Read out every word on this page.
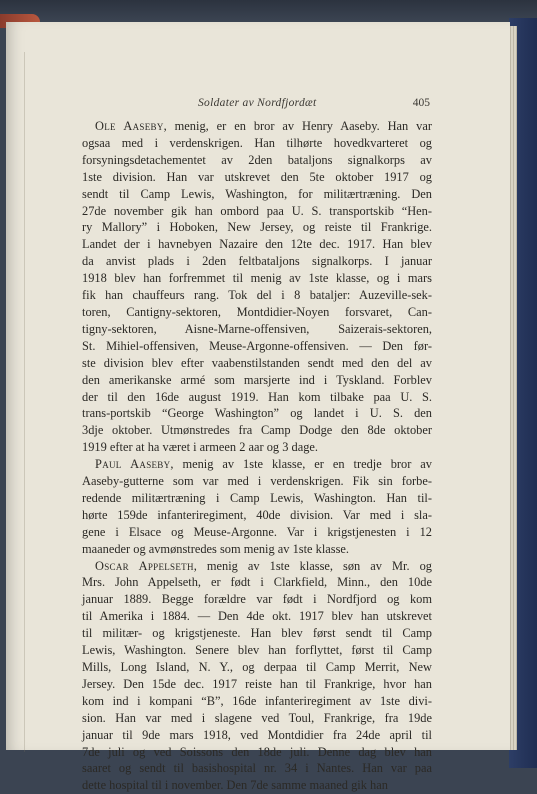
Soldater av Nordfjordæt	405
Ole Aaseby, menig, er en bror av Henry Aaseby. Han var
ogsaa med i verdenskrigen. Han tilhørte hovedkvarteret og
forsyningsdetachementet av 2den bataljons signalkorps av
1ste division. Han var utskrevet den 5te oktober 1917 og
sendt til Camp Lewis, Washington, for militærtræning. Den
27de november gik han ombord paa U. S. transportskib “Hen-
ry Mallory” i Hoboken, New Jersey, og reiste til Frankrige.
Landet der i havnebyen Nazaire den 12te dec. 1917. Han blev
da anvist plads i 2den feltbataljons signalkorps. I januar
1918 blev han forfremmet til menig av 1ste klasse, og i mars
fik han chauffeurs rang. Tok del i 8 bataljer: Auzeville-sek-
toren, Cantigny-sektoren, Montdidier-Noyen forsvaret, Can-
tigny-sektoren, Aisne-Marne-offensiven, Saizerais-sektoren,
St. Mihiel-offensiven, Meuse-Argonne-offensiven. — Den før-
ste division blev efter vaabenstilstanden sendt med den del av
den amerikanske armé som marsjerte ind i Tyskland. Forblev
der til den 16de august 1919. Han kom tilbake paa U. S.
trans-portskib “George Washington” og landet i U. S. den
3dje oktober. Utmønstredes fra Camp Dodge den 8de oktober
1919 efter at ha været i armeen 2 aar og 3 dage.
Paul Aaseby, menig av 1ste klasse, er en tredje bror av
Aaseby-gutterne som var med i verdenskrigen. Fik sin forbe-
redende militærtræning i Camp Lewis, Washington. Han til-
hørte 159de infanteriregiment, 40de division. Var med i sla-
gene i Elsace og Meuse-Argonne. Var i krigstjenesten i 12
maaneder og avmønstredes som menig av 1ste klasse.
Oscar Appelseth, menig av 1ste klasse, søn av Mr. og
Mrs. John Appelseth, er født i Clarkfield, Minn., den 10de
januar 1889. Begge forældre var født i Nordfjord og kom
til Amerika i 1884. — Den 4de okt. 1917 blev han utskrevet
til militær- og krigstjeneste. Han blev først sendt til Camp
Lewis, Washington. Senere blev han forflyttet, først til Camp
Mills, Long Island, N. Y., og derpaa til Camp Merrit, New
Jersey. Den 15de dec. 1917 reiste han til Frankrige, hvor han
kom ind i kompani “B”, 16de infanteriregiment av 1ste divi-
sion. Han var med i slagene ved Toul, Frankrige, fra 19de
januar til 9de mars 1918, ved Montdidier fra 24de april til
7de juli og ved Soissons den 18de juli. Denne dag blev han
saaret og sendt til basishospital nr. 34 i Nantes. Han var paa
dette hospital til i november. Den 7de samme maaned gik han
